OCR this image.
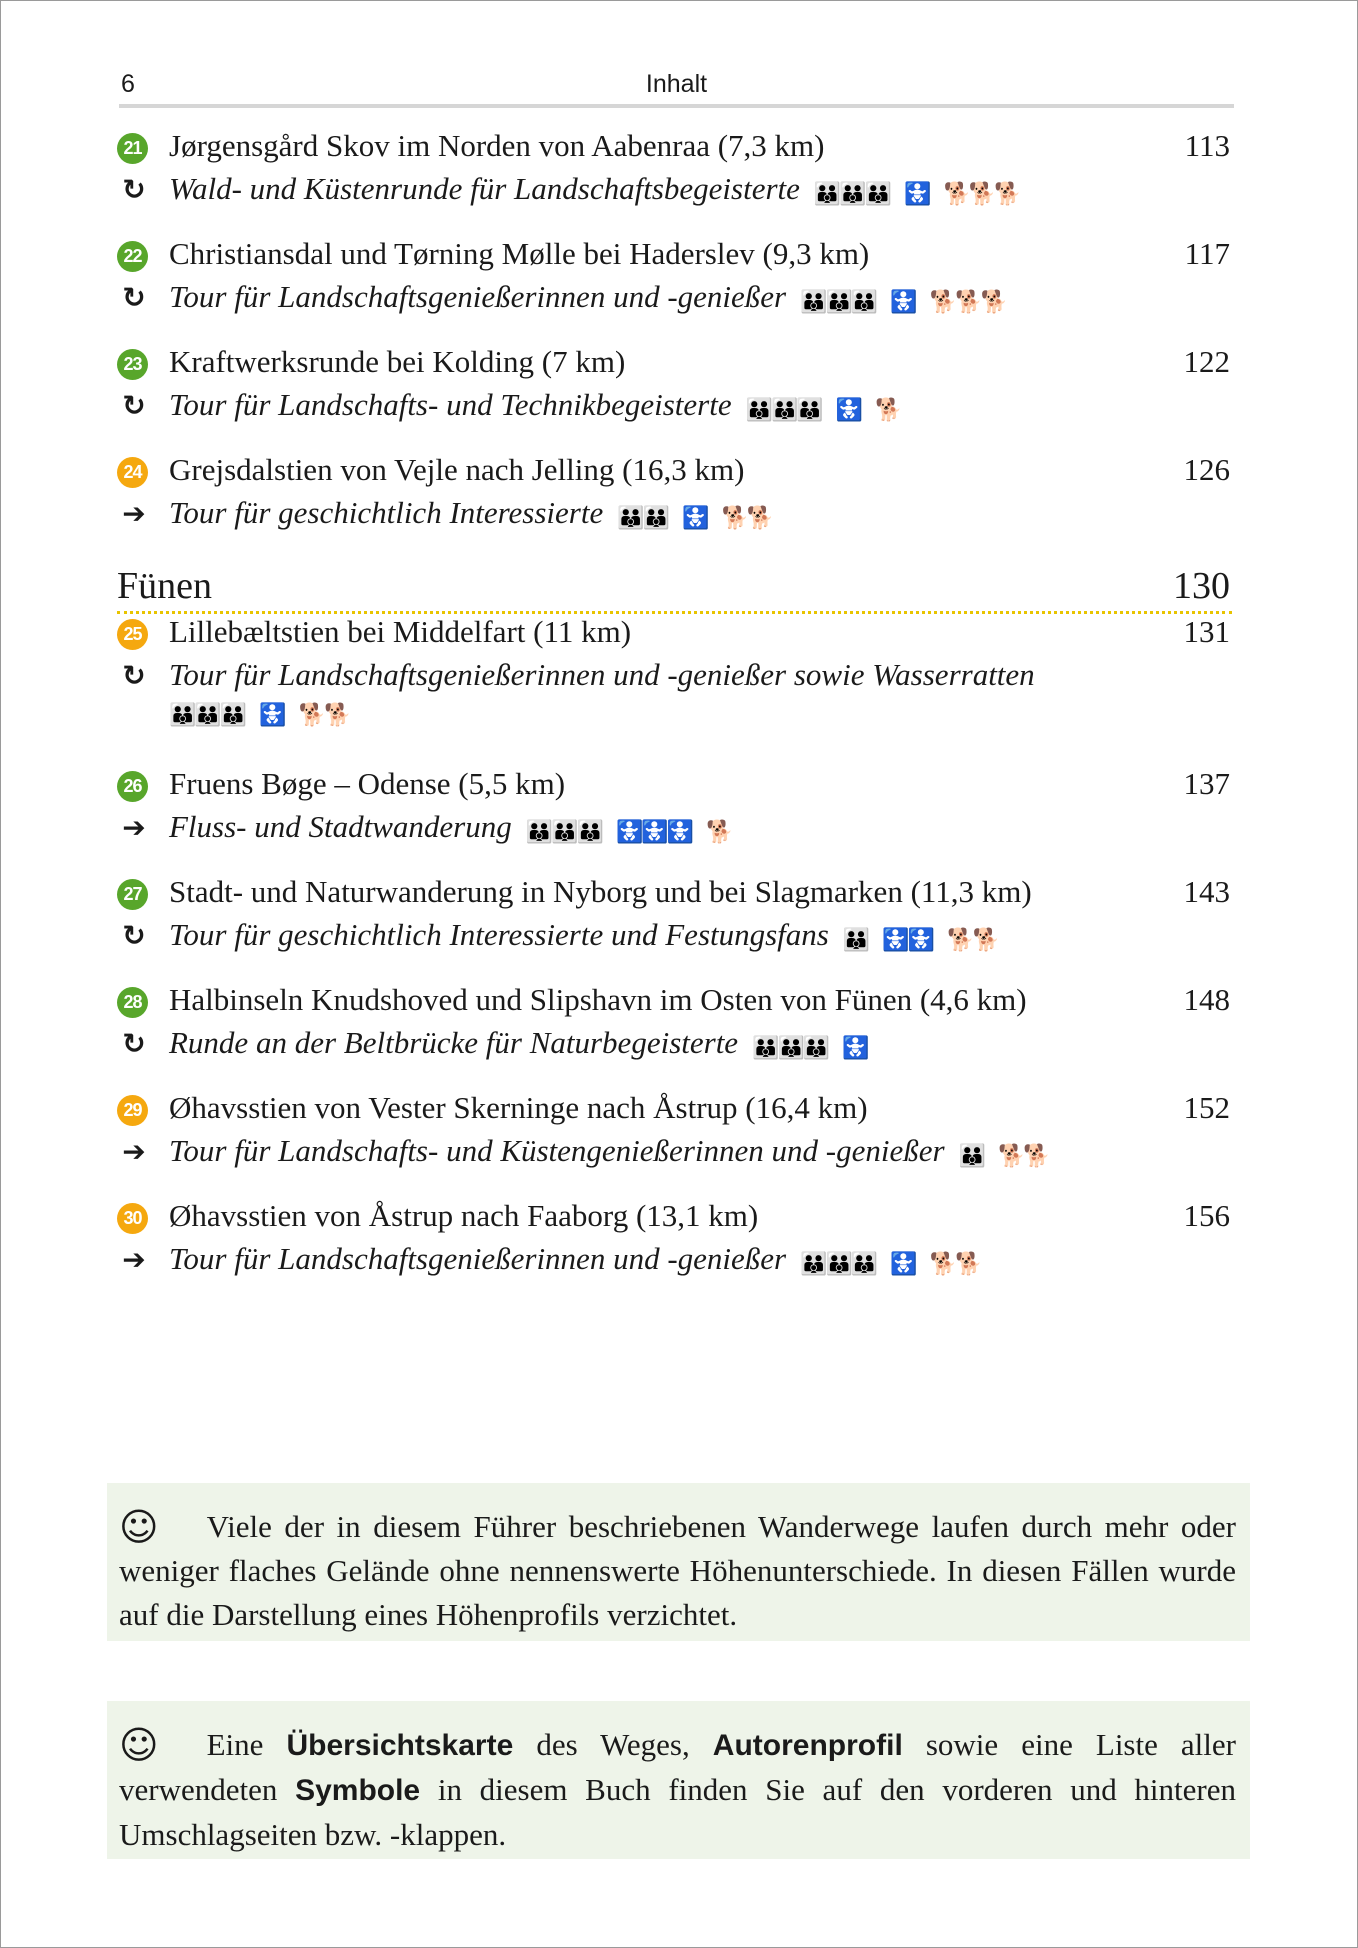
6	Inhalt
21 Jørgensgård Skov im Norden von Aabenraa (7,3 km)	113
↻ Wald- und Küstenrunde für Landschaftsbegeisterte 👪👪👪 🚼 🐕🐕🐕
22 Christiansdal und Tørning Mølle bei Haderslev (9,3 km)	117
↻ Tour für Landschaftsgenießerinnen und -genießer 👪👪👪 🚼 🐕🐕🐕
23 Kraftwerksrunde bei Kolding (7 km)	122
↻ Tour für Landschafts- und Technikbegeisterte 👪👪👪 🚼 🐕
24 Grejsdalstien von Vejle nach Jelling (16,3 km)	126
➔ Tour für geschichtlich Interessierte 👪👪 🚼 🐕🐕
Fünen	130
25 Lillebæltstien bei Middelfart (11 km)	131
↻ Tour für Landschaftsgenießerinnen und -genießer sowie Wasserratten
👪👪👪 🚼 🐕🐕
26 Fruens Bøge – Odense (5,5 km)	137
➔ Fluss- und Stadtwanderung 👪👪👪 🚼🚼🚼 🐕
27 Stadt- und Naturwanderung in Nyborg und bei Slagmarken (11,3 km)	143
↻ Tour für geschichtlich Interessierte und Festungsfans 👪 🚼🚼 🐕🐕
28 Halbinseln Knudshoved und Slipshavn im Osten von Fünen (4,6 km)	148
↻ Runde an der Beltbrücke für Naturbegeisterte 👪👪👪 🚼
29 Øhavsstien von Vester Skerninge nach Åstrup (16,4 km)	152
➔ Tour für Landschafts- und Küstengenießerinnen und -genießer 👪 🐕🐕
30 Øhavsstien von Åstrup nach Faaborg (13,1 km)	156
➔ Tour für Landschaftsgenießerinnen und -genießer 👪👪👪 🚼 🐕🐕
☺ Viele der in diesem Führer beschriebenen Wanderwege laufen durch mehr oder weniger flaches Gelände ohne nennenswerte Höhenunterschiede. In diesen Fällen wurde auf die Darstellung eines Höhenprofils verzichtet.
☺ Eine Übersichtskarte des Weges, Autorenprofil sowie eine Liste aller verwendeten Symbole in diesem Buch finden Sie auf den vorderen und hinteren Umschlagseiten bzw. -klappen.
